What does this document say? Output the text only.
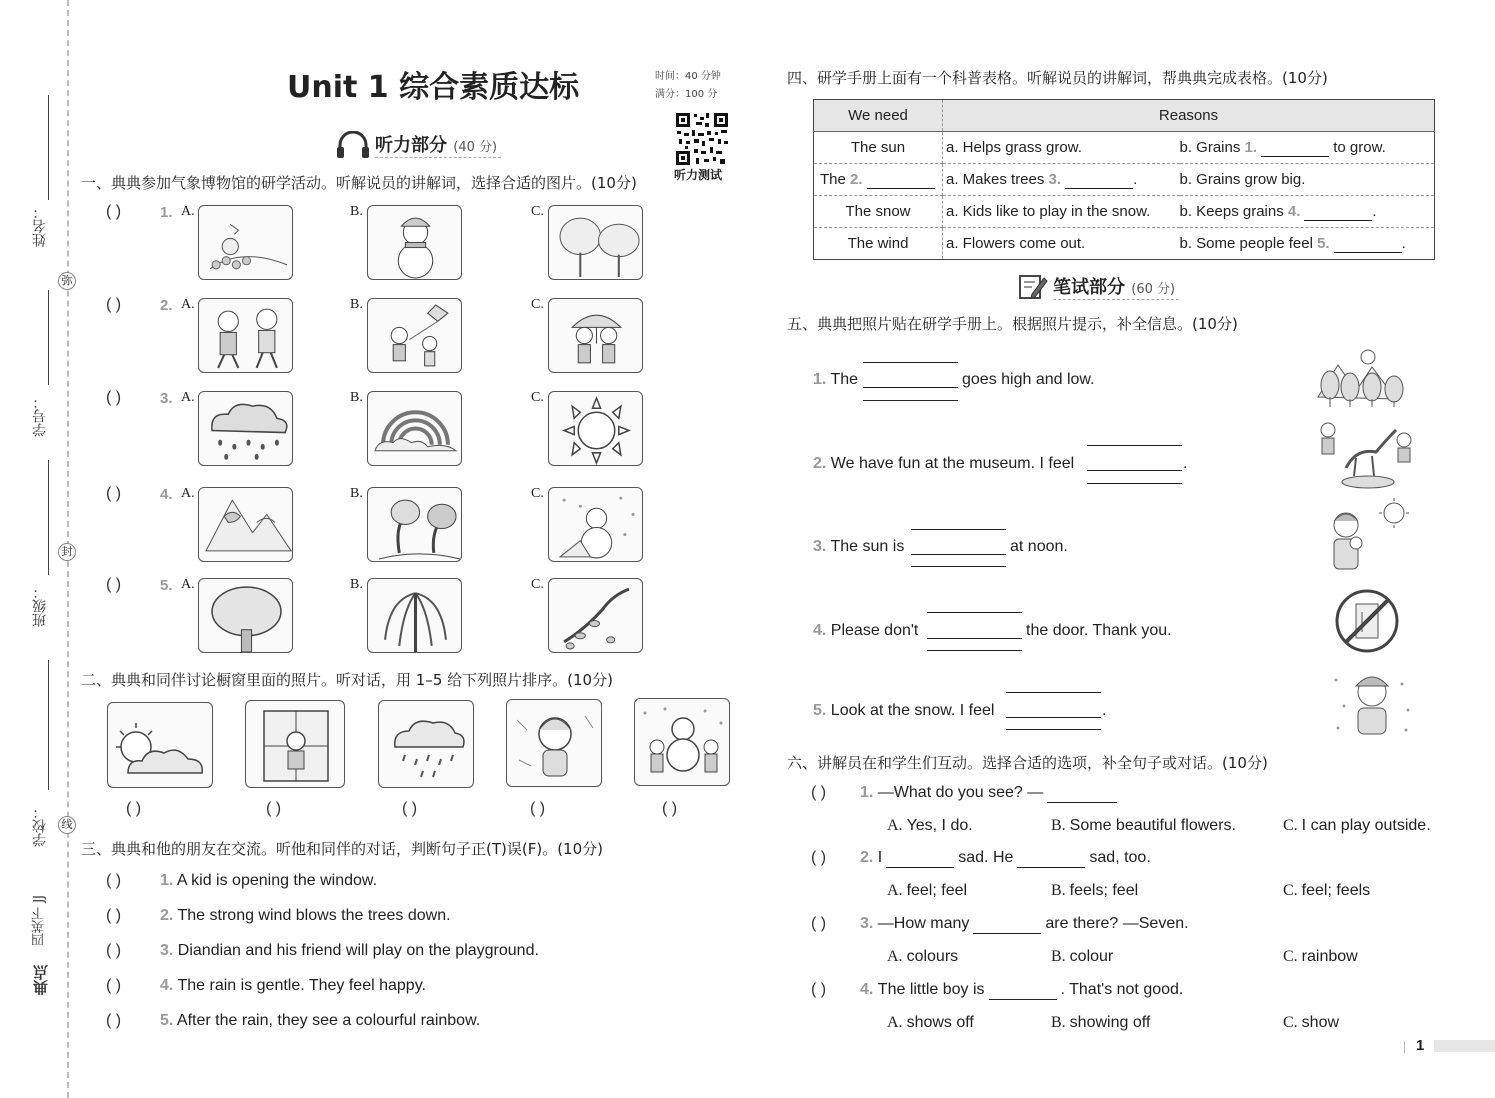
姓名：
学号：
班级：
学校：
弥
封
线
四英下 JJ
典点
Unit 1 综合素质达标	时间：40 分钟
满分：100 分
听力测试
听力部分 (40 分)
一、典典参加气象博物馆的研学活动。听解说员的讲解词，选择合适的图片。(10分)
( )	1. A.	B.	C.
( )	2. A.	B.	C.
( )	3. A.	B.	C.
( )	4. A.	B.	C.
( )	5. A.	B.	C.
二、典典和同伴讨论橱窗里面的照片。听对话，用 1–5 给下列照片排序。(10分)
( )	( )	( )	( )	( )
三、典典和他的朋友在交流。听他和同伴的对话，判断句子正(T)误(F)。(10分)
( ) 1. A kid is opening the window.
( ) 2. The strong wind blows the trees down.
( ) 3. Diandian and his friend will play on the playground.
( ) 4. The rain is gentle. They feel happy.
( ) 5. After the rain, they see a colourful rainbow.
四、研学手册上面有一个科普表格。听解说员的讲解词，帮典典完成表格。(10分)
We need	Reasons	
The sun	a. Helps grass grow.	b. Grains 1. to grow.
The 2.	a. Makes trees 3. .	b. Grains grow big.
The snow	a. Kids like to play in the snow.	b. Keeps grains 4. .
The wind	a. Flowers come out.	b. Some people feel 5. .
笔试部分 (60 分)
五、典典把照片贴在研学手册上。根据照片提示，补全信息。(10分)
1. The	goes high and low.
2. We have fun at the museum. I feel	.
3. The sun is	at noon.
4. Please don't	the door. Thank you.
5. Look at the snow. I feel	.
六、讲解员在和学生们互动。选择合适的选项，补全句子或对话。(10分)
( ) 1. —What do you see? —
A. Yes, I do.	B. Some beautiful flowers.	C. I can play outside.
( ) 2. I	sad. He	sad, too.
A. feel; feel	B. feels; feel	C. feel; feels
( ) 3. —How many	are there? —Seven.
A. colours	B. colour	C. rainbow
( ) 4. The little boy is	. That's not good.
A. shows off	B. showing off	C. show
1
